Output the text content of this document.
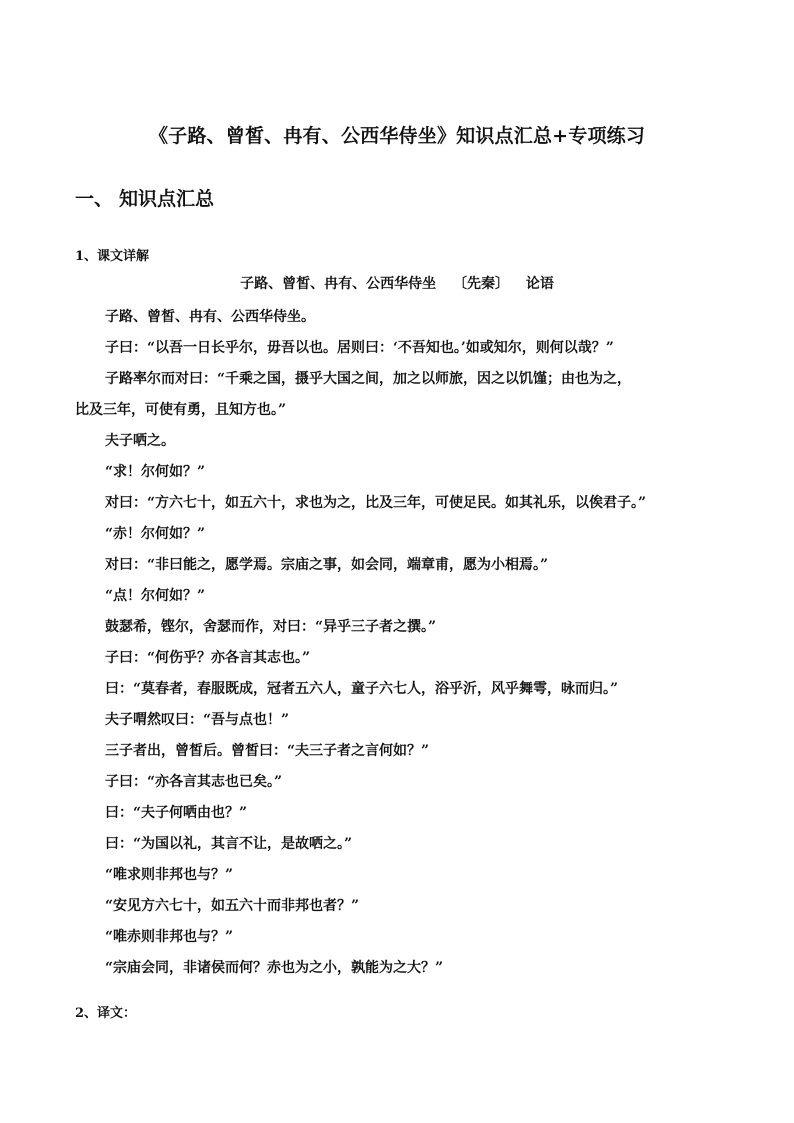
《子路、曾皙、冉有、公西华侍坐》知识点汇总+专项练习
一、 知识点汇总
1、课文详解
子路、曾皙、冉有、公西华侍坐 〔先秦〕 论语
子路、曾皙、冉有、公西华侍坐。
子曰：“以吾一日长乎尔，毋吾以也。居则曰：‘不吾知也。’如或知尔，则何以哉？”
子路率尔而对曰：“千乘之国，摄乎大国之间，加之以师旅，因之以饥馑；由也为之，
比及三年，可使有勇，且知方也。”
夫子哂之。
“求！尔何如？”
对曰：“方六七十，如五六十，求也为之，比及三年，可使足民。如其礼乐，以俟君子。”
“赤！尔何如？”
对曰：“非曰能之，愿学焉。宗庙之事，如会同，端章甫，愿为小相焉。”
“点！尔何如？”
鼓瑟希，铿尔，舍瑟而作，对曰：“异乎三子者之撰。”
子曰：“何伤乎？亦各言其志也。”
曰：“莫春者，春服既成，冠者五六人，童子六七人，浴乎沂，风乎舞雩，咏而归。”
夫子喟然叹曰：“吾与点也！”
三子者出，曾皙后。曾皙曰：“夫三子者之言何如？”
子曰：“亦各言其志也已矣。”
曰：“夫子何哂由也？”
曰：“为国以礼，其言不让，是故哂之。”
“唯求则非邦也与？”
“安见方六七十，如五六十而非邦也者？”
“唯赤则非邦也与？”
“宗庙会同，非诸侯而何？赤也为之小，孰能为之大？”
2、译文：
